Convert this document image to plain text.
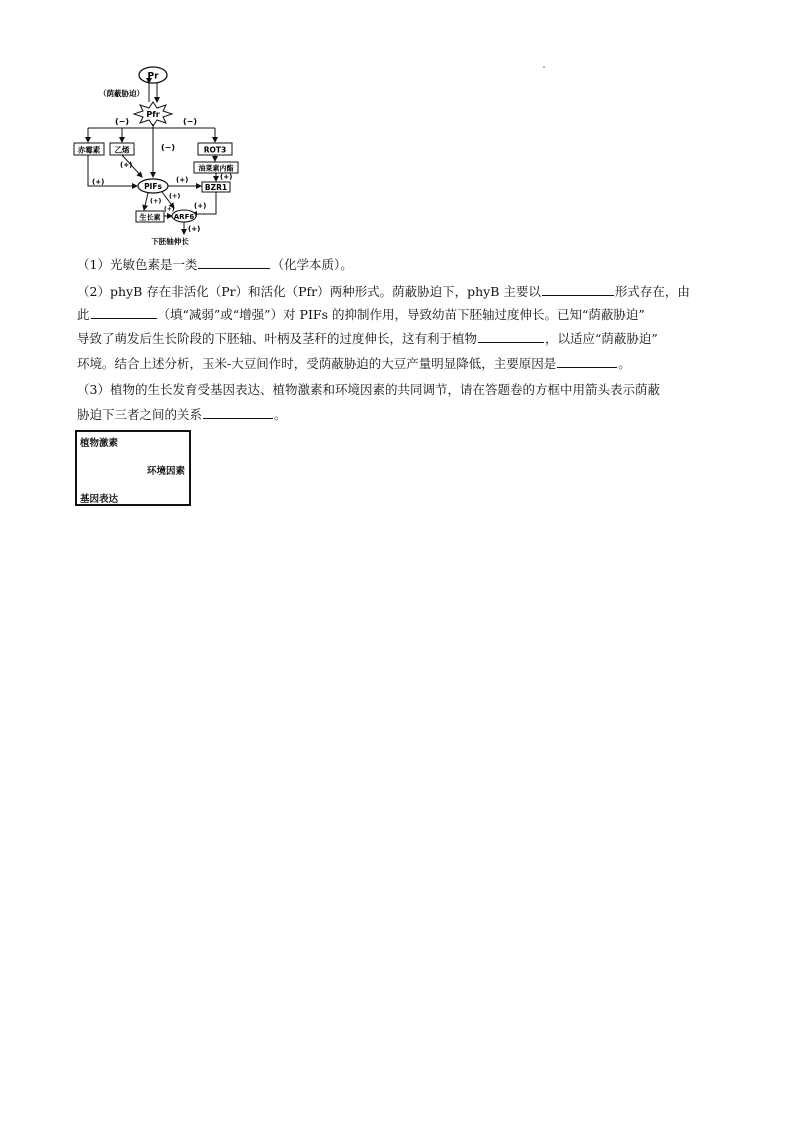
Pr
（荫蔽胁迫）
Pfr
(−)	(−)
(−)
赤霉素 乙烯	ROT3
油菜素内酯
(+)
BZR1
(+)
(+)
PIFs
(+)
(+)
(+)
(+)
生长素
(+)
ARF6
(+)
下胚轴伸长
（1）光敏色素是一类	（化学本质）。
（2）phyB 存在非活化（Pr）和活化（Pfr）两种形式。荫蔽胁迫下，phyB 主要以	形式存在，由
此	（填“减弱”或“增强”）对 PIFs 的抑制作用，导致幼苗下胚轴过度伸长。已知“荫蔽胁迫”
导致了萌发后生长阶段的下胚轴、叶柄及茎秆的过度伸长，这有利于植物	，以适应“荫蔽胁迫”
环境。结合上述分析，玉米-大豆间作时，受荫蔽胁迫的大豆产量明显降低，主要原因是	。
（3）植物的生长发育受基因表达、植物激素和环境因素的共同调节，请在答题卷的方框中用箭头表示荫蔽
胁迫下三者之间的关系	。
植物激素
环境因素
基因表达
